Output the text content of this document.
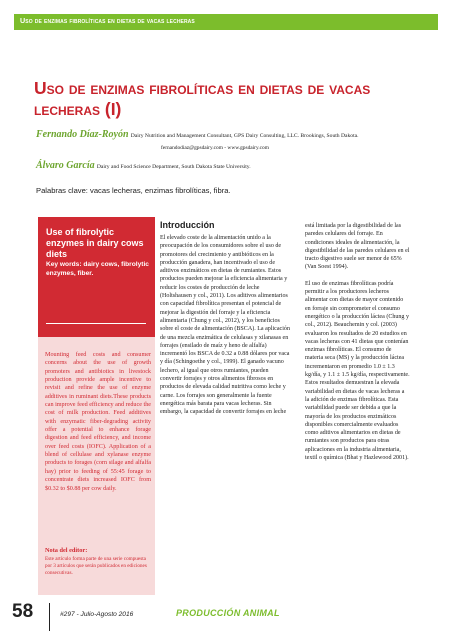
Uso de enzimas fibrolíticas en dietas de vacas lecheras
Uso de enzimas fibrolíticas en dietas de vacas lecheras (I)
Fernando Díaz-Royón Dairy Nutrition and Management Consultant, GPS Dairy Consulting, LLC. Brookings, South Dakota.
fernandodiaz@gpsdairy.com - www.gpsdairy.com
Álvaro García Dairy and Food Science Department, South Dakota State University.
Palabras clave: vacas lecheras, enzimas fibrolíticas, fibra.
Use of fibrolytic enzymes in dairy cows diets
Key words: dairy cows, fibrolytic enzymes, fiber.
Mounting feed costs and consumer concerns about the use of growth promoters and antibiotics in livestock production provide ample incentive to revisit and refine the use of enzyme additives in ruminant diets.These products can improve feed efficiency and reduce the cost of milk production. Feed additives with enzymatic fiber-degrading activity offer a potential to enhance forage digestion and feed efficiency, and income over feed costs (IOFC). Application of a blend of cellulase and xylanase enzyme products to forages (corn silage and alfalfa hay) prior to feeding of 55:45 forage to concentrate diets increased IOFC from $0.32 to $0.88 per cow daily.
Nota del editor:
Este artículo forma parte de una serie compuesta por 3 artículos que serán publicados en ediciones consecutivas.
Introducción

El elevado coste de la alimentación unido a la preocupación de los consumidores sobre el uso de promotores del crecimiento y antibióticos en la producción ganadera, han incentivado el uso de aditivos enzimáticos en dietas de rumiantes. Estos productos pueden mejorar la eficiencia alimentaria y reducir los costes de producción de leche (Holtshausen y col., 2011). Los aditivos alimentarios con capacidad fibrolítica presentan el potencial de mejorar la digestión del forraje y la eficiencia alimentaria (Chung y col., 2012), y los beneficios sobre el coste de alimentación (BSCA). La aplicación de una mezcla enzimática de celulasas y xilanasas en forrajes (ensilado de maíz y heno de alfalfa) incrementó los BSCA de 0.32 a 0.88 dólares por vaca y día (Schingoethe y col., 1999). El ganado vacuno lechero, al igual que otros rumiantes, pueden convertir forrajes y otros alimentos fibrosos en productos de elevada calidad nutritiva como leche y carne. Los forrajes son generalmente la fuente energética más barata para vacas lecheras. Sin embargo, la capacidad de convertir forrajes en leche

está limitada por la digestibilidad de las paredes celulares del forraje. En condiciones ideales de alimentación, la digestibilidad de las paredes celulares en el tracto digestivo suele ser menor de 65% (Van Soest 1994).

El uso de enzimas fibrolíticas podría permitir a los productores lecheros alimentar con dietas de mayor contenido en forraje sin comprometer el consumo energético o la producción láctea (Chung y col., 2012). Beauchemin y col. (2003) evaluaron los resultados de 20 estudios en vacas lecheras con 41 dietas que contenían enzimas fibrolíticas. El consumo de materia seca (MS) y la producción láctea incrementaron en promedio 1.0 ± 1.3 kg/día, y 1.1 ± 1.5 kg/día, respectivamente. Estos resultados demuestran la elevada variabilidad en dietas de vacas lecheras a la adición de enzimas fibrolíticas. Esta variabilidad puede ser debida a que la mayoría de los productos enzimáticos disponibles comercialmente evaluados como aditivos alimentarios en dietas de rumiantes son productos para otras aplicaciones en la industria alimentaria, textil o química (Bhat y Hazlewood 2001).

58	#297 - Julio-Agosto 2016	PRODUCCIÓN ANIMAL
